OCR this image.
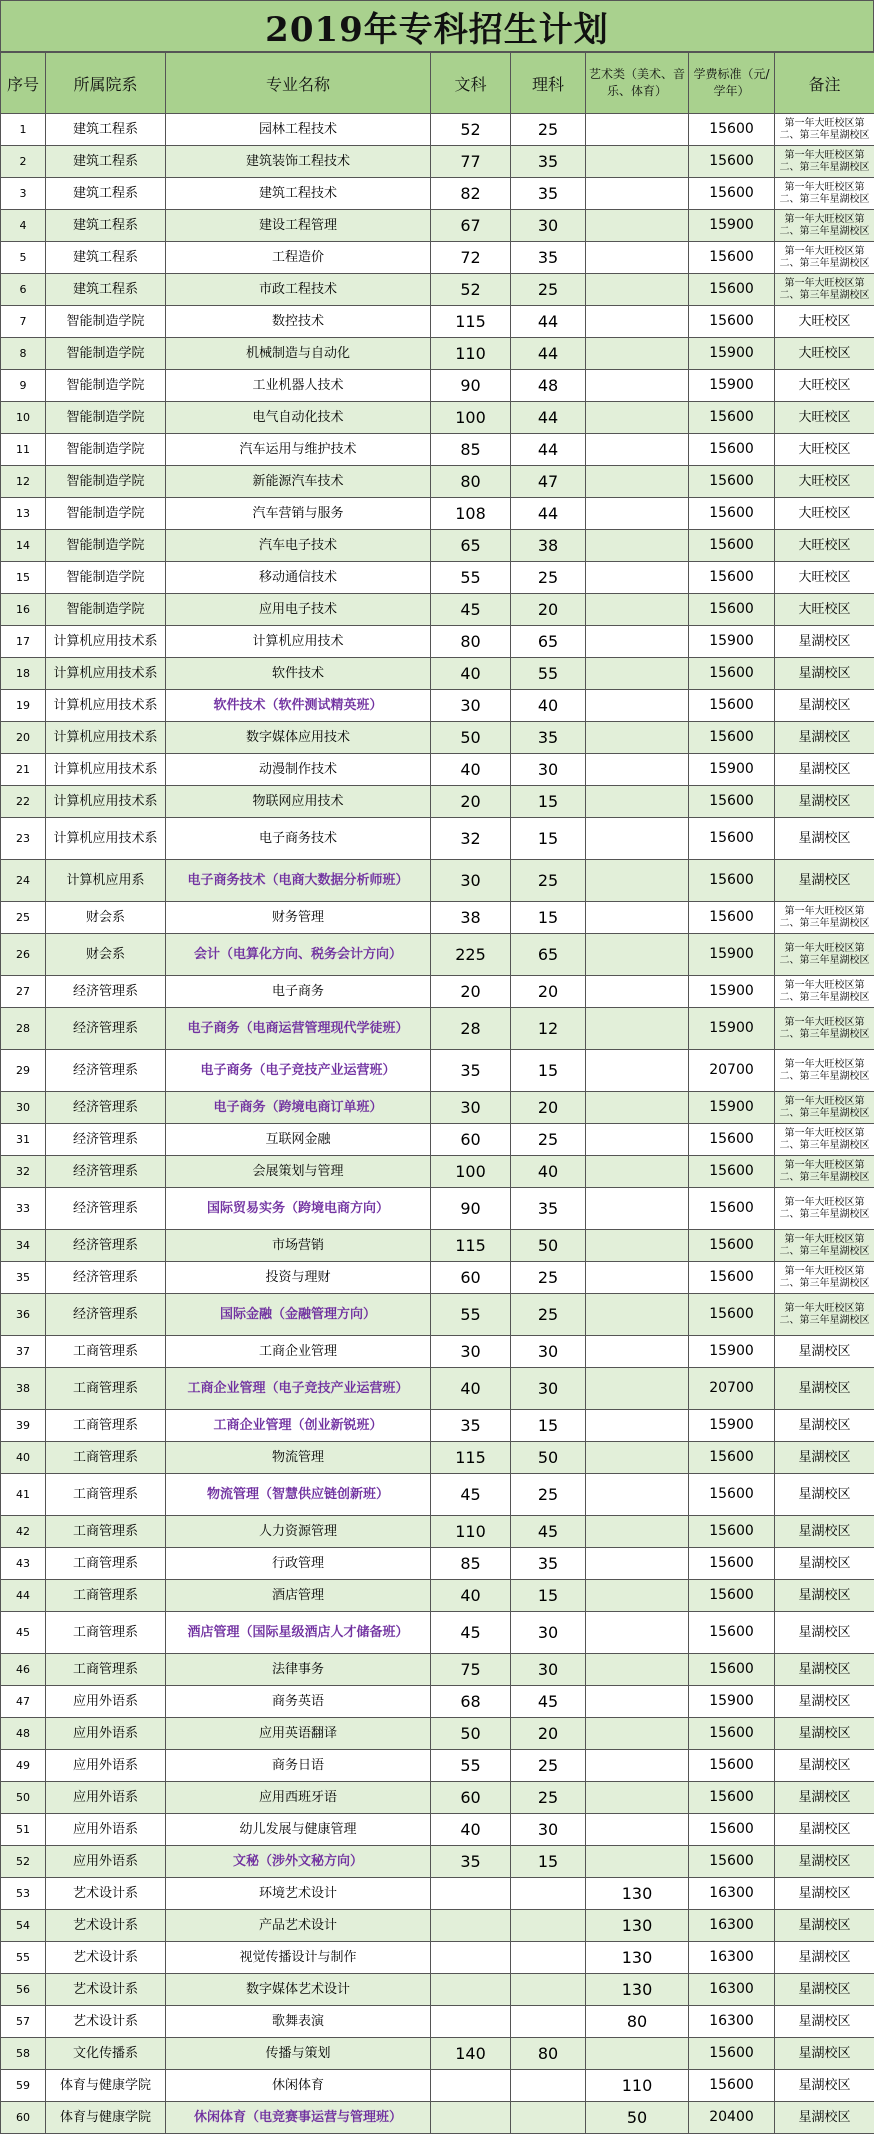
2019年专科招生计划
序号	所属院系	专业名称	文科	理科	艺术类（美术、音乐、体育）	学费标准（元/学年）	备注
1	建筑工程系	园林工程技术	52	25		15600	第一年大旺校区第二、第三年星湖校区
2	建筑工程系	建筑装饰工程技术	77	35		15600	第一年大旺校区第二、第三年星湖校区
3	建筑工程系	建筑工程技术	82	35		15600	第一年大旺校区第二、第三年星湖校区
4	建筑工程系	建设工程管理	67	30		15900	第一年大旺校区第二、第三年星湖校区
5	建筑工程系	工程造价	72	35		15600	第一年大旺校区第二、第三年星湖校区
6	建筑工程系	市政工程技术	52	25		15600	第一年大旺校区第二、第三年星湖校区
7	智能制造学院	数控技术	115	44		15600	大旺校区
8	智能制造学院	机械制造与自动化	110	44		15900	大旺校区
9	智能制造学院	工业机器人技术	90	48		15900	大旺校区
10	智能制造学院	电气自动化技术	100	44		15600	大旺校区
11	智能制造学院	汽车运用与维护技术	85	44		15600	大旺校区
12	智能制造学院	新能源汽车技术	80	47		15600	大旺校区
13	智能制造学院	汽车营销与服务	108	44		15600	大旺校区
14	智能制造学院	汽车电子技术	65	38		15600	大旺校区
15	智能制造学院	移动通信技术	55	25		15600	大旺校区
16	智能制造学院	应用电子技术	45	20		15600	大旺校区
17	计算机应用技术系	计算机应用技术	80	65		15900	星湖校区
18	计算机应用技术系	软件技术	40	55		15600	星湖校区
19	计算机应用技术系	软件技术（软件测试精英班）	30	40		15600	星湖校区
20	计算机应用技术系	数字媒体应用技术	50	35		15600	星湖校区
21	计算机应用技术系	动漫制作技术	40	30		15900	星湖校区
22	计算机应用技术系	物联网应用技术	20	15		15600	星湖校区
23	计算机应用技术系	电子商务技术	32	15		15600	星湖校区
24	计算机应用系	电子商务技术（电商大数据分析师班）	30	25		15600	星湖校区
25	财会系	财务管理	38	15		15600	第一年大旺校区第二、第三年星湖校区
26	财会系	会计（电算化方向、税务会计方向）	225	65		15900	第一年大旺校区第二、第三年星湖校区
27	经济管理系	电子商务	20	20		15900	第一年大旺校区第二、第三年星湖校区
28	经济管理系	电子商务（电商运营管理现代学徒班）	28	12		15900	第一年大旺校区第二、第三年星湖校区
29	经济管理系	电子商务（电子竞技产业运营班）	35	15		20700	第一年大旺校区第二、第三年星湖校区
30	经济管理系	电子商务（跨境电商订单班）	30	20		15900	第一年大旺校区第二、第三年星湖校区
31	经济管理系	互联网金融	60	25		15600	第一年大旺校区第二、第三年星湖校区
32	经济管理系	会展策划与管理	100	40		15600	第一年大旺校区第二、第三年星湖校区
33	经济管理系	国际贸易实务（跨境电商方向）	90	35		15600	第一年大旺校区第二、第三年星湖校区
34	经济管理系	市场营销	115	50		15600	第一年大旺校区第二、第三年星湖校区
35	经济管理系	投资与理财	60	25		15600	第一年大旺校区第二、第三年星湖校区
36	经济管理系	国际金融（金融管理方向）	55	25		15600	第一年大旺校区第二、第三年星湖校区
37	工商管理系	工商企业管理	30	30		15900	星湖校区
38	工商管理系	工商企业管理（电子竞技产业运营班）	40	30		20700	星湖校区
39	工商管理系	工商企业管理（创业新锐班）	35	15		15900	星湖校区
40	工商管理系	物流管理	115	50		15600	星湖校区
41	工商管理系	物流管理（智慧供应链创新班）	45	25		15600	星湖校区
42	工商管理系	人力资源管理	110	45		15600	星湖校区
43	工商管理系	行政管理	85	35		15600	星湖校区
44	工商管理系	酒店管理	40	15		15600	星湖校区
45	工商管理系	酒店管理（国际星级酒店人才储备班）	45	30		15600	星湖校区
46	工商管理系	法律事务	75	30		15600	星湖校区
47	应用外语系	商务英语	68	45		15900	星湖校区
48	应用外语系	应用英语翻译	50	20		15600	星湖校区
49	应用外语系	商务日语	55	25		15600	星湖校区
50	应用外语系	应用西班牙语	60	25		15600	星湖校区
51	应用外语系	幼儿发展与健康管理	40	30		15600	星湖校区
52	应用外语系	文秘（涉外文秘方向）	35	15		15600	星湖校区
53	艺术设计系	环境艺术设计			130	16300	星湖校区
54	艺术设计系	产品艺术设计			130	16300	星湖校区
55	艺术设计系	视觉传播设计与制作			130	16300	星湖校区
56	艺术设计系	数字媒体艺术设计			130	16300	星湖校区
57	艺术设计系	歌舞表演			80	16300	星湖校区
58	文化传播系	传播与策划	140	80		15600	星湖校区
59	体育与健康学院	休闲体育			110	15600	星湖校区
60	体育与健康学院	休闲体育（电竞赛事运营与管理班）			50	20400	星湖校区
